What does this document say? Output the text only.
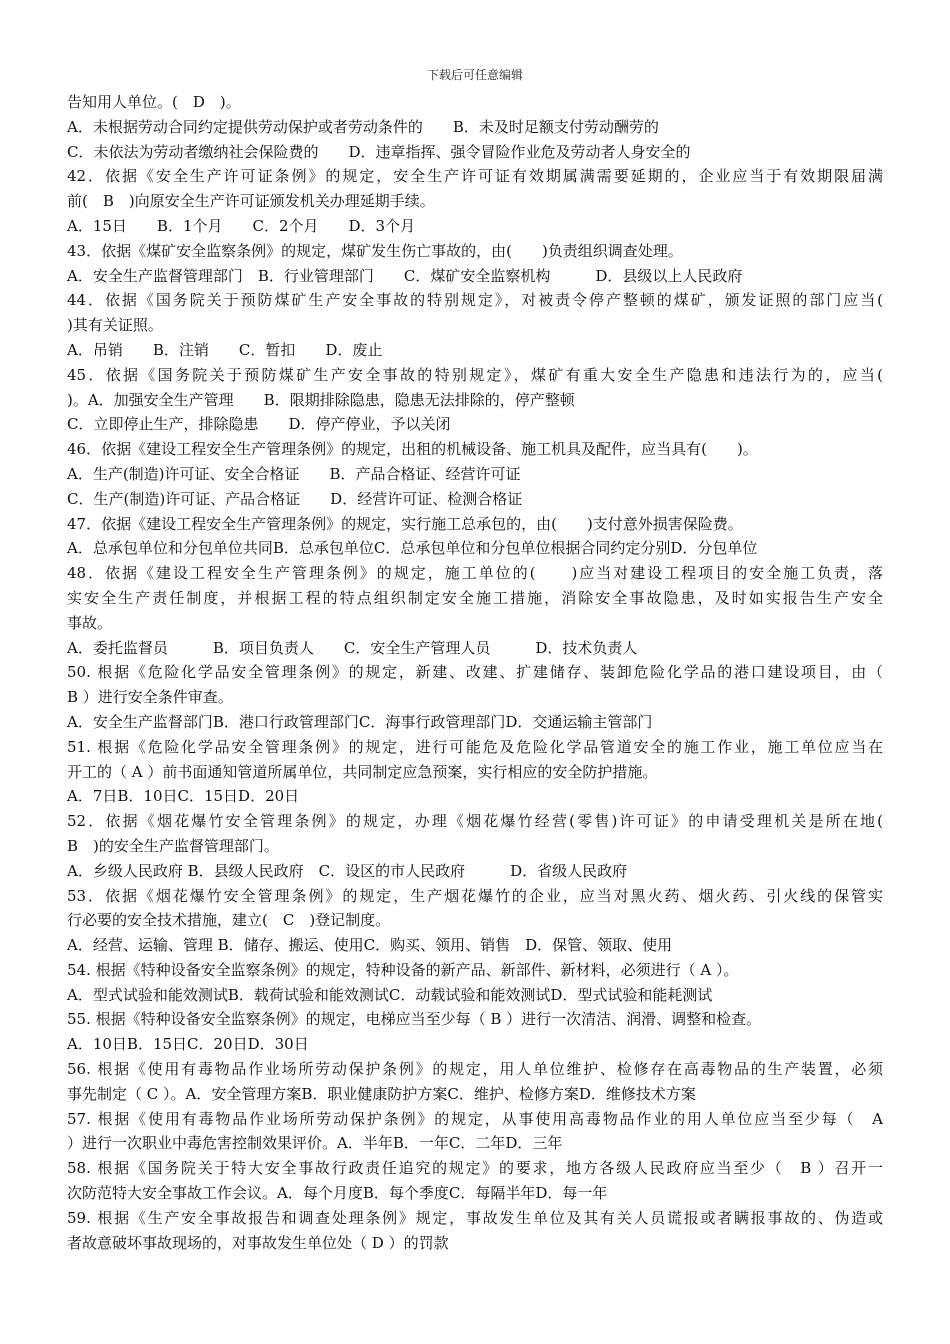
下载后可任意编辑
告知用人单位。(　D　)。
A．未根据劳动合同约定提供劳动保护或者劳动条件的　　B．未及时足额支付劳动酬劳的
C．未依法为劳动者缴纳社会保险费的　　D．违章指挥、强令冒险作业危及劳动者人身安全的
42．依据《安全生产许可证条例》的规定，安全生产许可证有效期属满需要延期的，企业应当于有效期限届满
前(　B　)向原安全生产许可证颁发机关办理延期手续。
A．15日　　B．1个月　　C．2个月　　D．3个月
43．依据《煤矿安全监察条例》的规定，煤矿发生伤亡事故的，由(　　)负责组织调查处理。
A．安全生产监督管理部门　B．行业管理部门　　C．煤矿安全监察机构　　　D．县级以上人民政府
44．依据《国务院关于预防煤矿生产安全事故的特别规定》，对被责令停产整顿的煤矿，颁发证照的部门应当(
)其有关证照。
A．吊销　　B．注销　　C．暂扣　　D．废止
45．依据《国务院关于预防煤矿生产安全事故的特别规定》，煤矿有重大安全生产隐患和违法行为的，应当(
)。A．加强安全生产管理　　B．限期排除隐患，隐患无法排除的，停产整顿
C．立即停止生产，排除隐患　　D．停产停业，予以关闭
46．依据《建设工程安全生产管理条例》的规定，出租的机械设备、施工机具及配件，应当具有(　　)。
A．生产(制造)许可证、安全合格证　　B．产品合格证、经营许可证
C．生产(制造)许可证、产品合格证　　D．经营许可证、检测合格证
47．依据《建设工程安全生产管理条例》的规定，实行施工总承包的，由(　　)支付意外损害保险费。
A．总承包单位和分包单位共同B．总承包单位C．总承包单位和分包单位根据合同约定分别D．分包单位
48．依据《建设工程安全生产管理条例》的规定，施工单位的(　　)应当对建设工程项目的安全施工负责，落
实安全生产责任制度，并根据工程的特点组织制定安全施工措施，消除安全事故隐患，及时如实报告生产安全
事故。
A．委托监督员　　　B．项目负责人　　C．安全生产管理人员　　　D．技术负责人
50. 根据《危险化学品安全管理条例》的规定，新建、改建、扩建储存、装卸危险化学品的港口建设项目，由（
B ）进行安全条件审查。
A．安全生产监督部门B．港口行政管理部门C．海事行政管理部门D．交通运输主管部门
51. 根据《危险化学品安全管理条例》的规定，进行可能危及危险化学品管道安全的施工作业，施工单位应当在
开工的（ A ）前书面通知管道所属单位，共同制定应急预案，实行相应的安全防护措施。
A．7日B．10日C．15日D．20日
52．依据《烟花爆竹安全管理条例》的规定，办理《烟花爆竹经营(零售)许可证》的申请受理机关是所在地(
B　)的安全生产监督管理部门。
A．乡级人民政府 B．县级人民政府　C．设区的市人民政府　　　D．省级人民政府
53．依据《烟花爆竹安全管理条例》的规定，生产烟花爆竹的企业，应当对黑火药、烟火药、引火线的保管实
行必要的安全技术措施，建立(　C　)登记制度。
A．经营、运输、管理 B．储存、搬运、使用C．购买、领用、销售　D．保管、领取、使用
54. 根据《特种设备安全监察条例》的规定，特种设备的新产品、新部件、新材料，必须进行（ A ）。
A．型式试验和能效测试B．载荷试验和能效测试C．动载试验和能效测试D．型式试验和能耗测试
55. 根据《特种设备安全监察条例》的规定，电梯应当至少每（ B ）进行一次清洁、润滑、调整和检查。
A．10日B．15日C．20日D．30日
56. 根据《使用有毒物品作业场所劳动保护条例》的规定，用人单位维护、检修存在高毒物品的生产装置，必须
事先制定（ C ）。A．安全管理方案B．职业健康防护方案C．维护、检修方案D．维修技术方案
57. 根据《使用有毒物品作业场所劳动保护条例》的规定，从事使用高毒物品作业的用人单位应当至少每（　A
）进行一次职业中毒危害控制效果评价。A．半年B．一年C．二年D．三年
58. 根据《国务院关于特大安全事故行政责任追究的规定》的要求，地方各级人民政府应当至少（　B ）召开一
次防范特大安全事故工作会议。A．每个月度B．每个季度C．每隔半年D．每一年
59. 根据《生产安全事故报告和调查处理条例》规定，事故发生单位及其有关人员谎报或者瞒报事故的、伪造或
者故意破坏事故现场的，对事故发生单位处（ D ）的罚款
